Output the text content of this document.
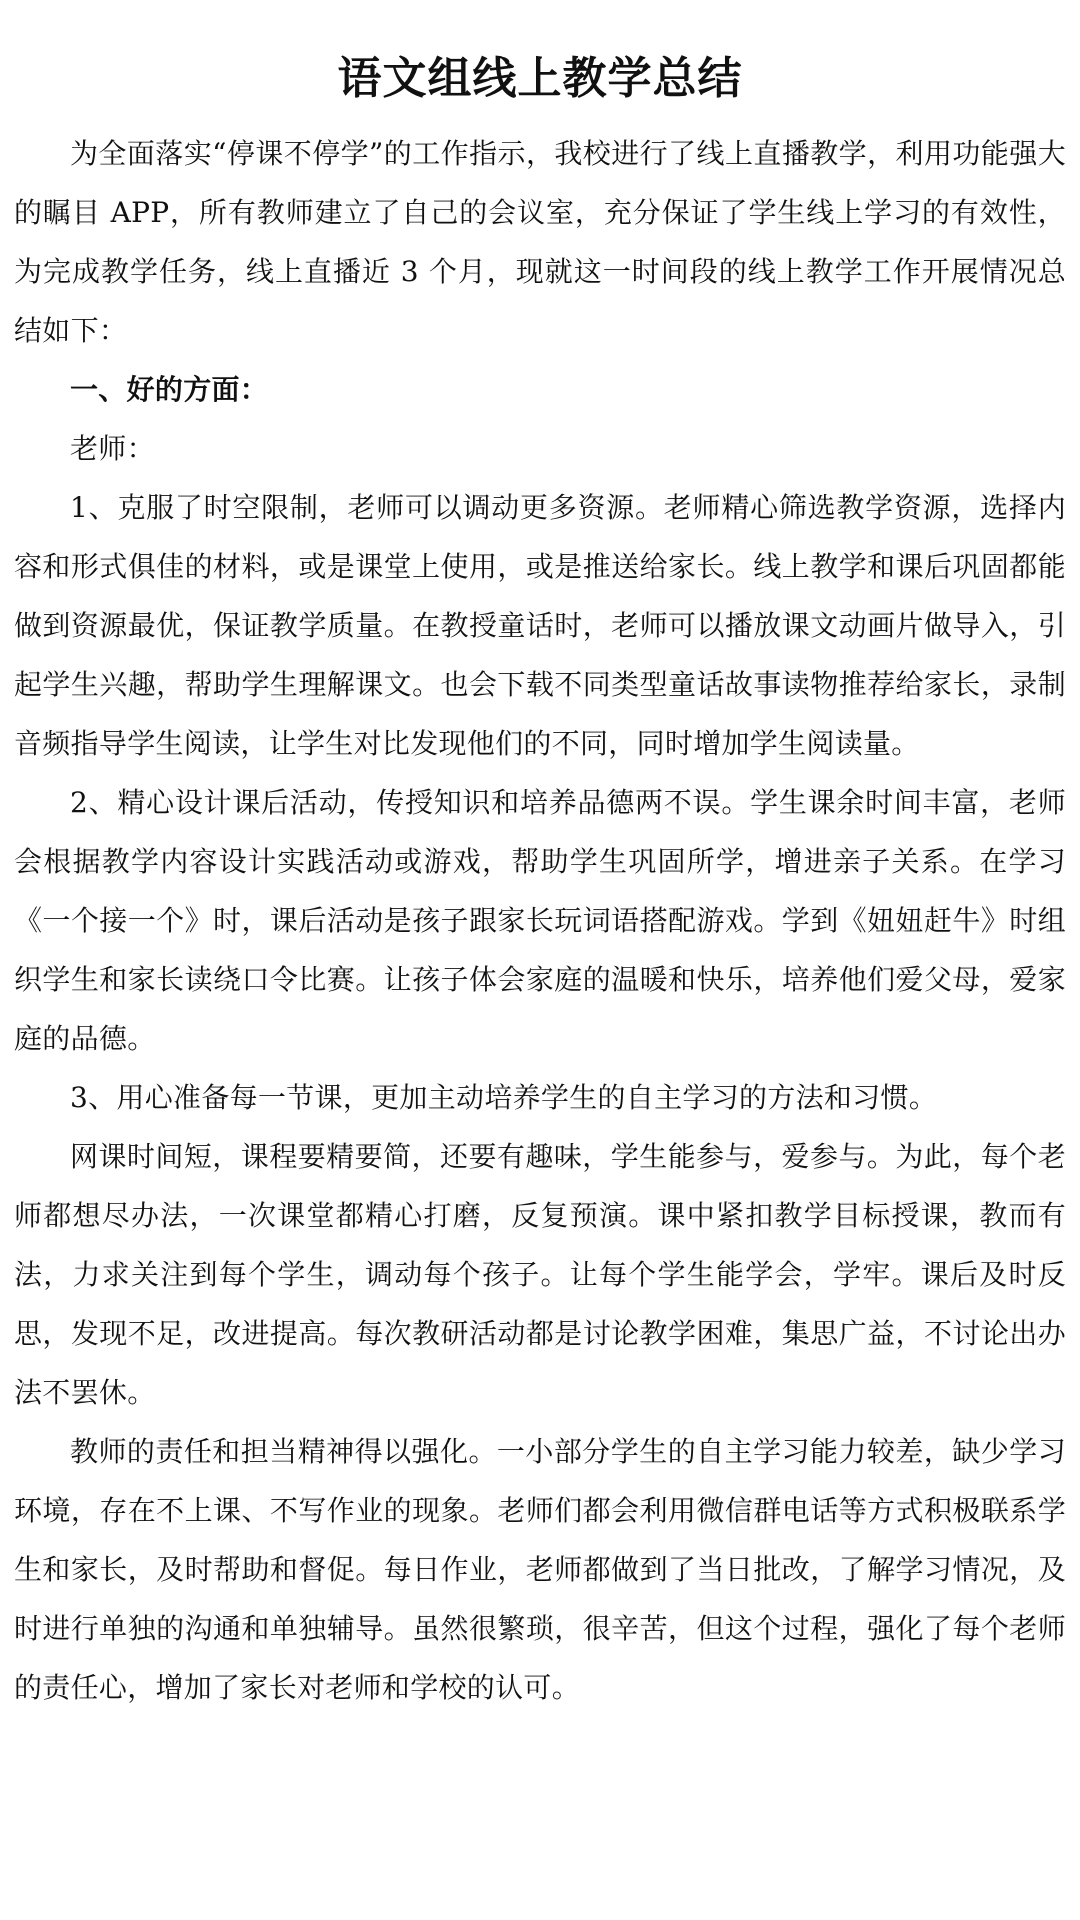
语文组线上教学总结

为全面落实“停课不停学”的工作指示，我校进行了线上直播教学，利用功能强大的瞩目 APP，所有教师建立了自己的会议室，充分保证了学生线上学习的有效性，为完成教学任务，线上直播近 3 个月，现就这一时间段的线上教学工作开展情况总结如下：

一、好的方面：

老师：

1、克服了时空限制，老师可以调动更多资源。老师精心筛选教学资源，选择内容和形式俱佳的材料，或是课堂上使用，或是推送给家长。线上教学和课后巩固都能做到资源最优，保证教学质量。在教授童话时，老师可以播放课文动画片做导入，引起学生兴趣，帮助学生理解课文。也会下载不同类型童话故事读物推荐给家长，录制音频指导学生阅读，让学生对比发现他们的不同，同时增加学生阅读量。

2、精心设计课后活动，传授知识和培养品德两不误。学生课余时间丰富，老师会根据教学内容设计实践活动或游戏，帮助学生巩固所学，增进亲子关系。在学习《一个接一个》时，课后活动是孩子跟家长玩词语搭配游戏。学到《妞妞赶牛》时组织学生和家长读绕口令比赛。让孩子体会家庭的温暖和快乐，培养他们爱父母，爱家庭的品德。

3、用心准备每一节课，更加主动培养学生的自主学习的方法和习惯。

网课时间短，课程要精要简，还要有趣味，学生能参与，爱参与。为此，每个老师都想尽办法，一次课堂都精心打磨，反复预演。课中紧扣教学目标授课，教而有法，力求关注到每个学生，调动每个孩子。让每个学生能学会，学牢。课后及时反思，发现不足，改进提高。每次教研活动都是讨论教学困难，集思广益，不讨论出办法不罢休。

教师的责任和担当精神得以强化。一小部分学生的自主学习能力较差，缺少学习环境，存在不上课、不写作业的现象。老师们都会利用微信群电话等方式积极联系学生和家长，及时帮助和督促。每日作业，老师都做到了当日批改，了解学习情况，及时进行单独的沟通和单独辅导。虽然很繁琐，很辛苦，但这个过程，强化了每个老师的责任心，增加了家长对老师和学校的认可。
